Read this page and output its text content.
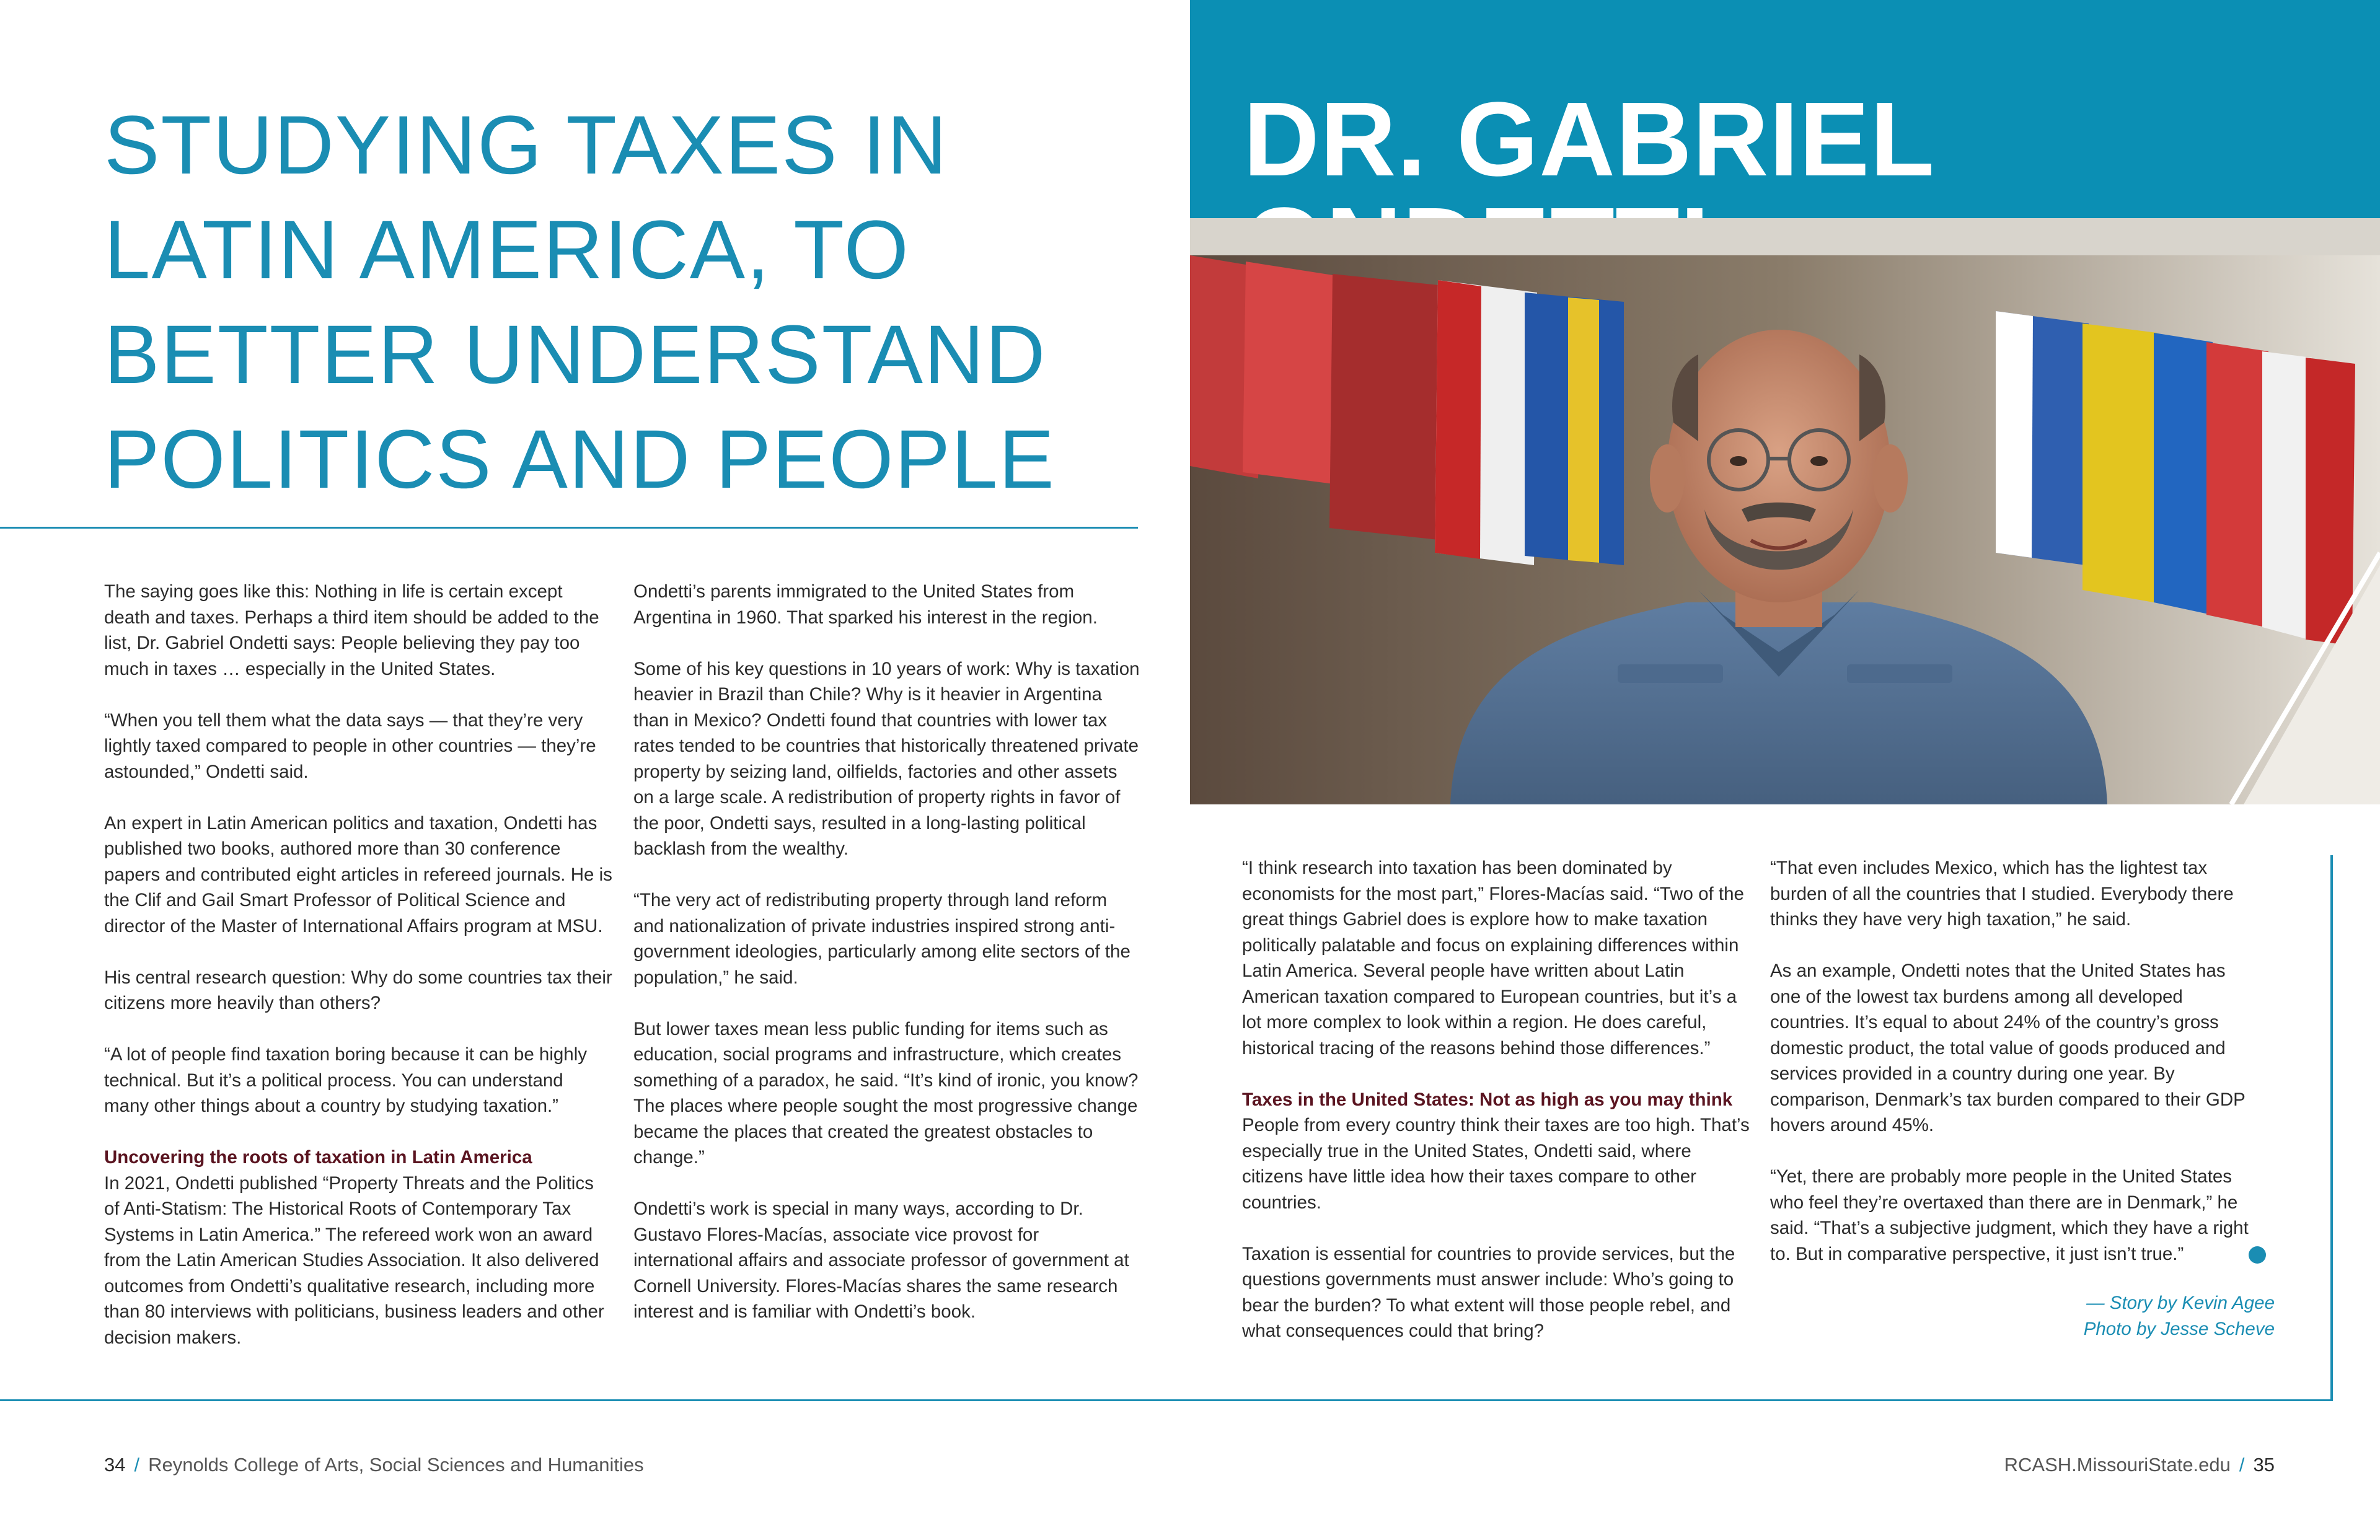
STUDYING TAXES IN
LATIN AMERICA, TO
BETTER UNDERSTAND
POLITICS AND PEOPLE

The saying goes like this: Nothing in life is certain except death and taxes. Perhaps a third item should be added to the list, Dr. Gabriel Ondetti says: People believing they pay too much in taxes … especially in the United States.

“When you tell them what the data says — that they’re very lightly taxed compared to people in other countries — they’re astounded,” Ondetti said.

An expert in Latin American politics and taxation, Ondetti has published two books, authored more than 30 conference papers and contributed eight articles in refereed journals. He is the Clif and Gail Smart Professor of Political Science and director of the Master of International Affairs program at MSU.

His central research question: Why do some countries tax their citizens more heavily than others?

“A lot of people find taxation boring because it can be highly technical. But it’s a political process. You can understand many other things about a country by studying taxation.”

Uncovering the roots of taxation in Latin America
In 2021, Ondetti published “Property Threats and the Politics of Anti-Statism: The Historical Roots of Contemporary Tax Systems in Latin America.” The refereed work won an award from the Latin American Studies Association. It also delivered outcomes from Ondetti’s qualitative research, including more than 80 interviews with politicians, business leaders and other decision makers.

Ondetti’s parents immigrated to the United States from Argentina in 1960. That sparked his interest in the region.

Some of his key questions in 10 years of work: Why is taxation heavier in Brazil than Chile? Why is it heavier in Argentina than in Mexico? Ondetti found that countries with lower tax rates tended to be countries that historically threatened private property by seizing land, oilfields, factories and other assets on a large scale. A redistribution of property rights in favor of the poor, Ondetti says, resulted in a long-lasting political backlash from the wealthy.

“The very act of redistributing property through land reform and nationalization of private industries inspired strong anti-government ideologies, particularly among elite sectors of the population,” he said.

But lower taxes mean less public funding for items such as education, social programs and infrastructure, which creates something of a paradox, he said. “It’s kind of ironic, you know? The places where people sought the most progressive change became the places that created the greatest obstacles to change.”

Ondetti’s work is special in many ways, according to Dr. Gustavo Flores-Macías, associate vice provost for international affairs and associate professor of government at Cornell University. Flores-Macías shares the same research interest and is familiar with Ondetti’s book.

DR. GABRIEL

“I think research into taxation has been dominated by economists for the most part,” Flores-Macías said. “Two of the great things Gabriel does is explore how to make taxation politically palatable and focus on explaining differences within Latin America. Several people have written about Latin American taxation compared to European countries, but it’s a lot more complex to look within a region. He does careful, historical tracing of the reasons behind those differences.”

Taxes in the United States: Not as high as you may think
People from every country think their taxes are too high. That’s especially true in the United States, Ondetti said, where citizens have little idea how their taxes compare to other countries.

Taxation is essential for countries to provide services, but the questions governments must answer include: Who’s going to bear the burden? To what extent will those people rebel, and what consequences could that bring?

“That even includes Mexico, which has the lightest tax burden of all the countries that I studied. Everybody there thinks they have very high taxation,” he said.

As an example, Ondetti notes that the United States has one of the lowest tax burdens among all developed countries. It’s equal to about 24% of the country’s gross domestic product, the total value of goods produced and services provided in a country during one year. By comparison, Denmark’s tax burden compared to their GDP hovers around 45%.

“Yet, there are probably more people in the United States who feel they’re overtaxed than there are in Denmark,” he said. “That’s a subjective judgment, which they have a right to. But in comparative perspective, it just isn’t true.”

— Story by Kevin Agee
Photo by Jesse Scheve
34 / Reynolds College of Arts, Social Sciences and Humanities	RCASH.MissouriState.edu / 35
